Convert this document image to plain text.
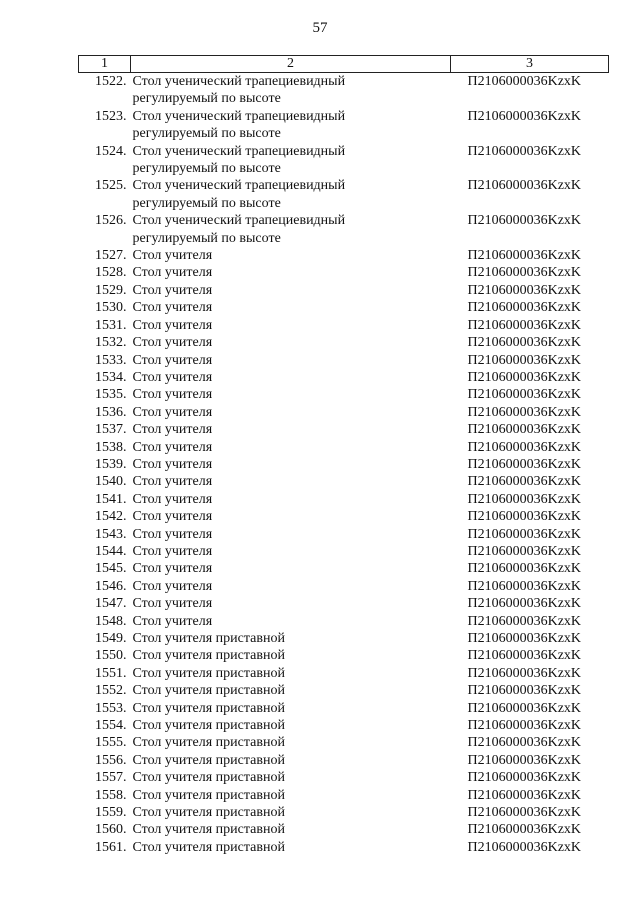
57
1	2	3
1522.	Стол ученический трапециевидный
регулируемый по высоте	П2106000036KzxK
1523.	Стол ученический трапециевидный
регулируемый по высоте	П2106000036KzxK
1524.	Стол ученический трапециевидный
регулируемый по высоте	П2106000036KzxK
1525.	Стол ученический трапециевидный
регулируемый по высоте	П2106000036KzxK
1526.	Стол ученический трапециевидный
регулируемый по высоте	П2106000036KzxK
1527.	Стол учителя	П2106000036KzxK
1528.	Стол учителя	П2106000036KzxK
1529.	Стол учителя	П2106000036KzxK
1530.	Стол учителя	П2106000036KzxK
1531.	Стол учителя	П2106000036KzxK
1532.	Стол учителя	П2106000036KzxK
1533.	Стол учителя	П2106000036KzxK
1534.	Стол учителя	П2106000036KzxK
1535.	Стол учителя	П2106000036KzxK
1536.	Стол учителя	П2106000036KzxK
1537.	Стол учителя	П2106000036KzxK
1538.	Стол учителя	П2106000036KzxK
1539.	Стол учителя	П2106000036KzxK
1540.	Стол учителя	П2106000036KzxK
1541.	Стол учителя	П2106000036KzxK
1542.	Стол учителя	П2106000036KzxK
1543.	Стол учителя	П2106000036KzxK
1544.	Стол учителя	П2106000036KzxK
1545.	Стол учителя	П2106000036KzxK
1546.	Стол учителя	П2106000036KzxK
1547.	Стол учителя	П2106000036KzxK
1548.	Стол учителя	П2106000036KzxK
1549.	Стол учителя приставной	П2106000036KzxK
1550.	Стол учителя приставной	П2106000036KzxK
1551.	Стол учителя приставной	П2106000036KzxK
1552.	Стол учителя приставной	П2106000036KzxK
1553.	Стол учителя приставной	П2106000036KzxK
1554.	Стол учителя приставной	П2106000036KzxK
1555.	Стол учителя приставной	П2106000036KzxK
1556.	Стол учителя приставной	П2106000036KzxK
1557.	Стол учителя приставной	П2106000036KzxK
1558.	Стол учителя приставной	П2106000036KzxK
1559.	Стол учителя приставной	П2106000036KzxK
1560.	Стол учителя приставной	П2106000036KzxK
1561.	Стол учителя приставной	П2106000036KzxK
